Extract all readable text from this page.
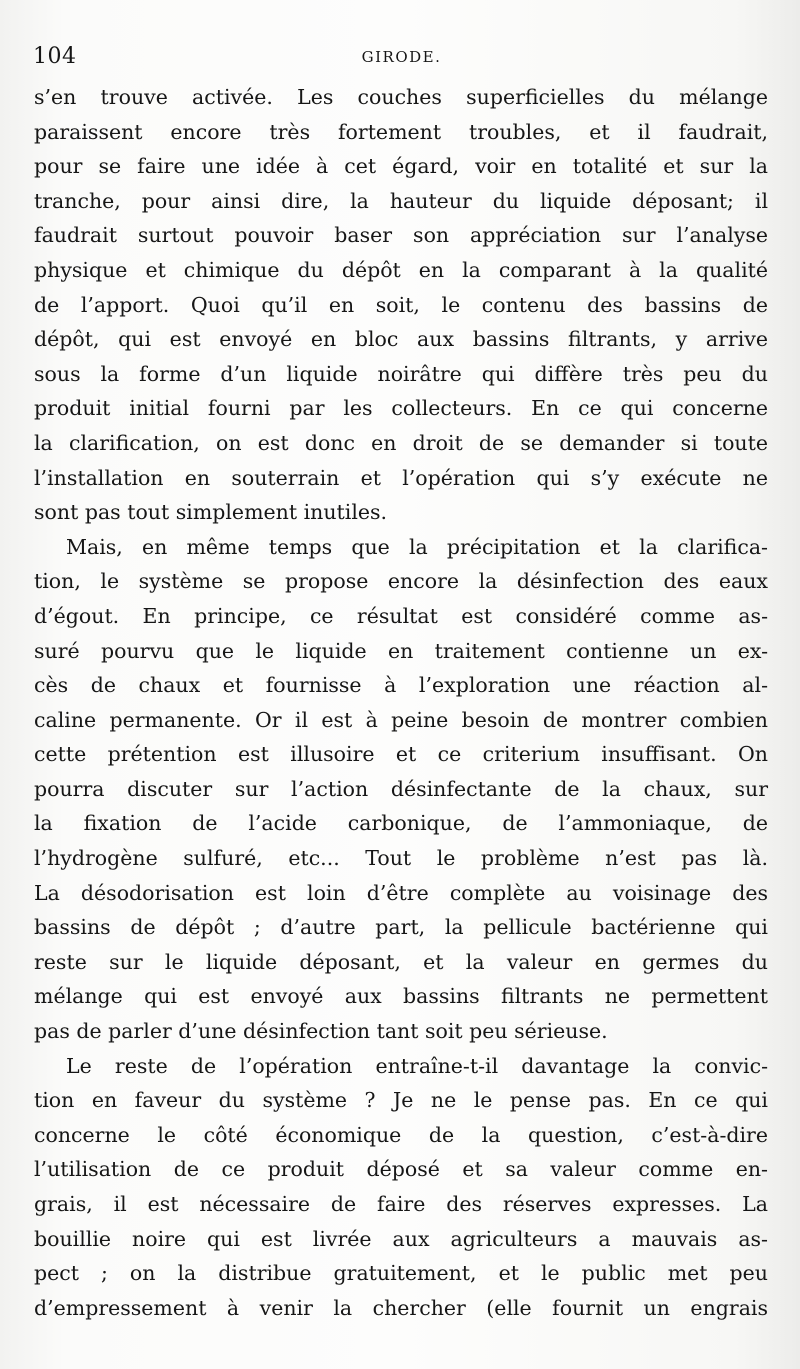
104	GIRODE.
s’en trouve activée. Les couches superficielles du mélange
paraissent encore très fortement troubles, et il faudrait,
pour se faire une idée à cet égard, voir en totalité et sur la
tranche, pour ainsi dire, la hauteur du liquide déposant; il
faudrait surtout pouvoir baser son appréciation sur l’analyse
physique et chimique du dépôt en la comparant à la qualité
de l’apport. Quoi qu’il en soit, le contenu des bassins de
dépôt, qui est envoyé en bloc aux bassins filtrants, y arrive
sous la forme d’un liquide noirâtre qui diffère très peu du
produit initial fourni par les collecteurs. En ce qui concerne
la clarification, on est donc en droit de se demander si toute
l’installation en souterrain et l’opération qui s’y exécute ne
sont pas tout simplement inutiles.
Mais, en même temps que la précipitation et la clarifica-
tion, le système se propose encore la désinfection des eaux
d’égout. En principe, ce résultat est considéré comme as-
suré pourvu que le liquide en traitement contienne un ex-
cès de chaux et fournisse à l’exploration une réaction al-
caline permanente. Or il est à peine besoin de montrer combien
cette prétention est illusoire et ce criterium insuffisant. On
pourra discuter sur l’action désinfectante de la chaux, sur
la fixation de l’acide carbonique, de l’ammoniaque, de
l’hydrogène sulfuré, etc... Tout le problème n’est pas là.
La désodorisation est loin d’être complète au voisinage des
bassins de dépôt ; d’autre part, la pellicule bactérienne qui
reste sur le liquide déposant, et la valeur en germes du
mélange qui est envoyé aux bassins filtrants ne permettent
pas de parler d’une désinfection tant soit peu sérieuse.
Le reste de l’opération entraîne-t-il davantage la convic-
tion en faveur du système ? Je ne le pense pas. En ce qui
concerne le côté économique de la question, c’est-à-dire
l’utilisation de ce produit déposé et sa valeur comme en-
grais, il est nécessaire de faire des réserves expresses. La
bouillie noire qui est livrée aux agriculteurs a mauvais as-
pect ; on la distribue gratuitement, et le public met peu
d’empressement à venir la chercher (elle fournit un engrais
